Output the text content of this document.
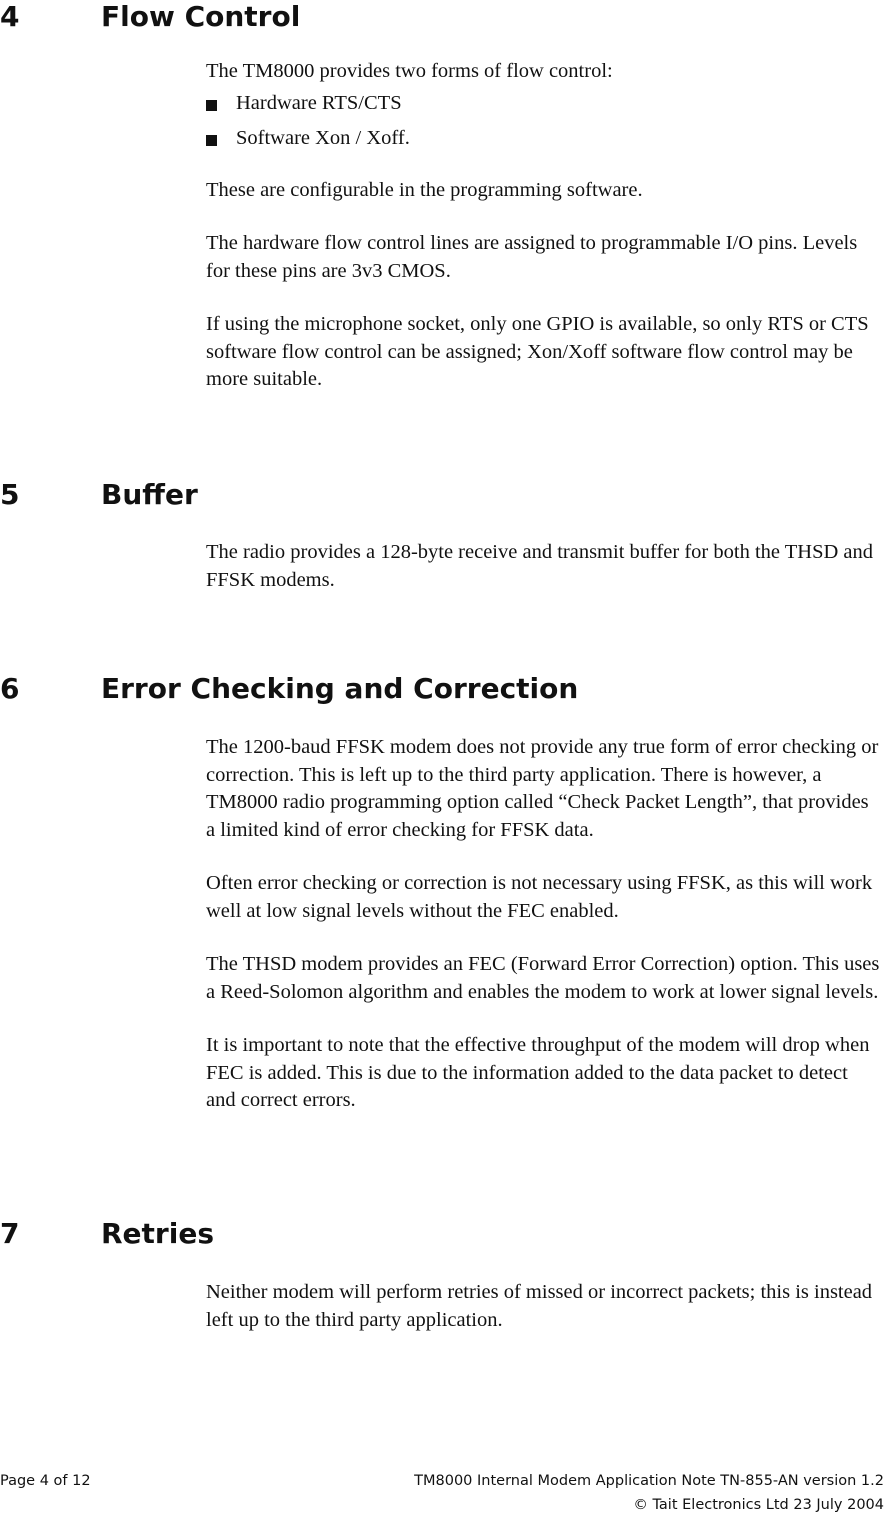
4	Flow Control

The TM8000 provides two forms of flow control:

Hardware RTS/CTS
Software Xon / Xoff.

These are configurable in the programming software.

The hardware flow control lines are assigned to programmable I/O pins. Levels for these pins are 3v3 CMOS.

If using the microphone socket, only one GPIO is available, so only RTS or CTS software flow control can be assigned; Xon/Xoff software flow control may be more suitable.

5	Buffer

The radio provides a 128-byte receive and transmit buffer for both the THSD and FFSK modems.

6	Error Checking and Correction

The 1200-baud FFSK modem does not provide any true form of error checking or correction. This is left up to the third party application. There is however, a TM8000 radio programming option called “Check Packet Length”, that provides a limited kind of error checking for FFSK data.

Often error checking or correction is not necessary using FFSK, as this will work well at low signal levels without the FEC enabled.

The THSD modem provides an FEC (Forward Error Correction) option. This uses a Reed-Solomon algorithm and enables the modem to work at lower signal levels.

It is important to note that the effective throughput of the modem will drop when FEC is added. This is due to the information added to the data packet to detect and correct errors.

7	Retries

Neither modem will perform retries of missed or incorrect packets; this is instead left up to the third party application.

Page 4 of 12	TM8000 Internal Modem Application Note TN-855-AN version 1.2
© Tait Electronics Ltd 23 July 2004
